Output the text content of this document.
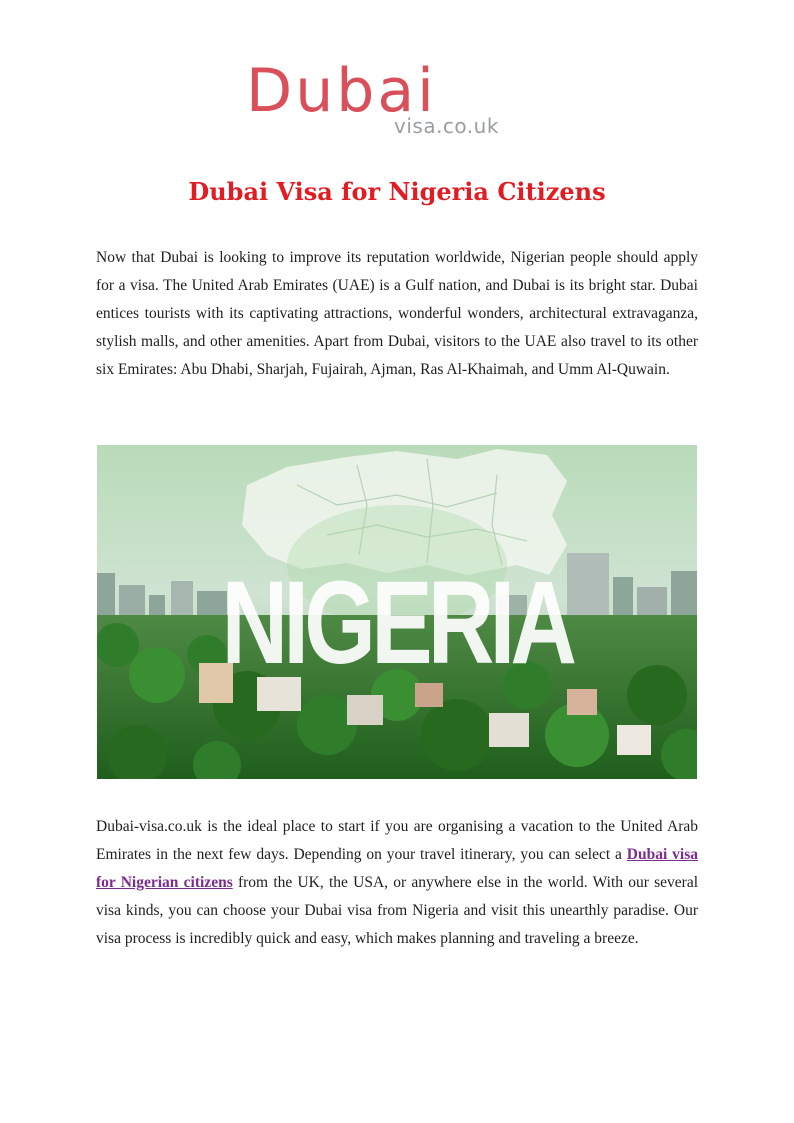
Dubai
visa.co.uk
Dubai Visa for Nigeria Citizens

Now that Dubai is looking to improve its reputation worldwide, Nigerian people should apply for a visa. The United Arab Emirates (UAE) is a Gulf nation, and Dubai is its bright star. Dubai entices tourists with its captivating attractions, wonderful wonders, architectural extravaganza, stylish malls, and other amenities. Apart from Dubai, visitors to the UAE also travel to its other six Emirates: Abu Dhabi, Sharjah, Fujairah, Ajman, Ras Al-Khaimah, and Umm Al-Quwain.

NIGERIA

Dubai-visa.co.uk is the ideal place to start if you are organising a vacation to the United Arab Emirates in the next few days. Depending on your travel itinerary, you can select a Dubai visa for Nigerian citizens from the UK, the USA, or anywhere else in the world. With our several visa kinds, you can choose your Dubai visa from Nigeria and visit this unearthly paradise. Our visa process is incredibly quick and easy, which makes planning and traveling a breeze.
